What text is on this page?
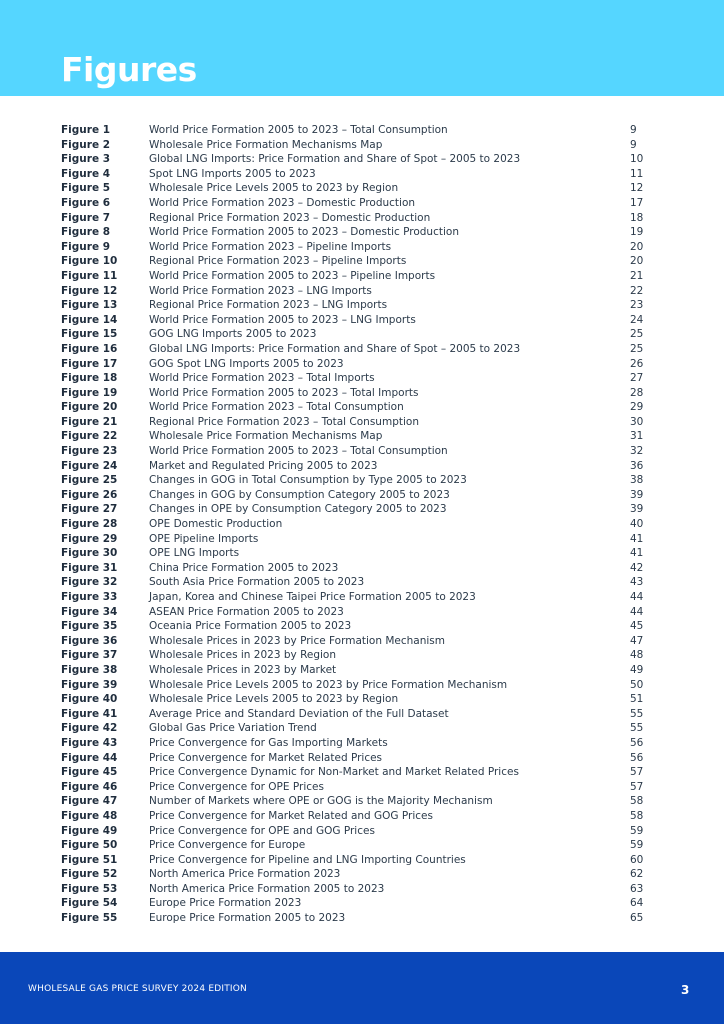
Figures
Figure 1	World Price Formation 2005 to 2023 – Total Consumption	9
Figure 2	Wholesale Price Formation Mechanisms Map	9
Figure 3	Global LNG Imports: Price Formation and Share of Spot – 2005 to 2023	10
Figure 4	Spot LNG Imports 2005 to 2023	11
Figure 5	Wholesale Price Levels 2005 to 2023 by Region	12
Figure 6	World Price Formation 2023 – Domestic Production	17
Figure 7	Regional Price Formation 2023 – Domestic Production	18
Figure 8	World Price Formation 2005 to 2023 – Domestic Production	19
Figure 9	World Price Formation 2023 – Pipeline Imports	20
Figure 10	Regional Price Formation 2023 – Pipeline Imports	20
Figure 11	World Price Formation 2005 to 2023 – Pipeline Imports	21
Figure 12	World Price Formation 2023 – LNG Imports	22
Figure 13	Regional Price Formation 2023 – LNG Imports	23
Figure 14	World Price Formation 2005 to 2023 – LNG Imports	24
Figure 15	GOG LNG Imports 2005 to 2023	25
Figure 16	Global LNG Imports: Price Formation and Share of Spot – 2005 to 2023	25
Figure 17	GOG Spot LNG Imports 2005 to 2023	26
Figure 18	World Price Formation 2023 – Total Imports	27
Figure 19	World Price Formation 2005 to 2023 – Total Imports	28
Figure 20	World Price Formation 2023 – Total Consumption	29
Figure 21	Regional Price Formation 2023 – Total Consumption	30
Figure 22	Wholesale Price Formation Mechanisms Map	31
Figure 23	World Price Formation 2005 to 2023 – Total Consumption	32
Figure 24	Market and Regulated Pricing 2005 to 2023	36
Figure 25	Changes in GOG in Total Consumption by Type 2005 to 2023	38
Figure 26	Changes in GOG by Consumption Category 2005 to 2023	39
Figure 27	Changes in OPE by Consumption Category 2005 to 2023	39
Figure 28	OPE Domestic Production	40
Figure 29	OPE Pipeline Imports	41
Figure 30	OPE LNG Imports	41
Figure 31	China Price Formation 2005 to 2023	42
Figure 32	South Asia Price Formation 2005 to 2023	43
Figure 33	Japan, Korea and Chinese Taipei Price Formation 2005 to 2023	44
Figure 34	ASEAN Price Formation 2005 to 2023	44
Figure 35	Oceania Price Formation 2005 to 2023	45
Figure 36	Wholesale Prices in 2023 by Price Formation Mechanism	47
Figure 37	Wholesale Prices in 2023 by Region	48
Figure 38	Wholesale Prices in 2023 by Market	49
Figure 39	Wholesale Price Levels 2005 to 2023 by Price Formation Mechanism	50
Figure 40	Wholesale Price Levels 2005 to 2023 by Region	51
Figure 41	Average Price and Standard Deviation of the Full Dataset	55
Figure 42	Global Gas Price Variation Trend	55
Figure 43	Price Convergence for Gas Importing Markets	56
Figure 44	Price Convergence for Market Related Prices	56
Figure 45	Price Convergence Dynamic for Non-Market and Market Related Prices	57
Figure 46	Price Convergence for OPE Prices	57
Figure 47	Number of Markets where OPE or GOG is the Majority Mechanism	58
Figure 48	Price Convergence for Market Related and GOG Prices	58
Figure 49	Price Convergence for OPE and GOG Prices	59
Figure 50	Price Convergence for Europe	59
Figure 51	Price Convergence for Pipeline and LNG Importing Countries	60
Figure 52	North America Price Formation 2023	62
Figure 53	North America Price Formation 2005 to 2023	63
Figure 54	Europe Price Formation 2023	64
Figure 55	Europe Price Formation 2005 to 2023	65
WHOLESALE GAS PRICE SURVEY 2024 EDITION	3
